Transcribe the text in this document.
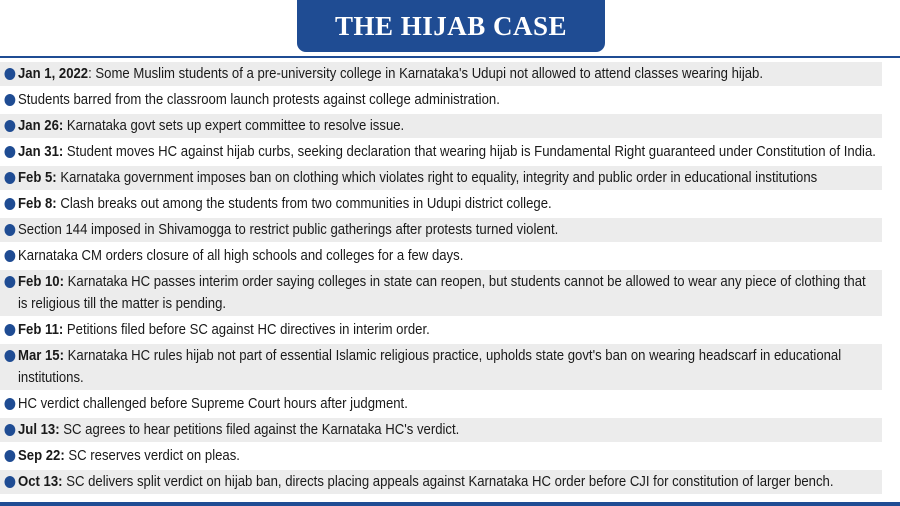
THE HIJAB CASE
Jan 1, 2022: Some Muslim students of a pre-university college in Karnataka's Udupi not allowed to attend classes wearing hijab.
Students barred from the classroom launch protests against college administration.
Jan 26: Karnataka govt sets up expert committee to resolve issue.
Jan 31: Student moves HC against hijab curbs, seeking declaration that wearing hijab is Fundamental Right guaranteed under Constitution of India.
Feb 5: Karnataka government imposes ban on clothing which violates right to equality, integrity and public order in educational institutions
Feb 8: Clash breaks out among the students from two communities in Udupi district college.
Section 144 imposed in Shivamogga to restrict public gatherings after protests turned violent.
Karnataka CM orders closure of all high schools and colleges for a few days.
Feb 10: Karnataka HC passes interim order saying colleges in state can reopen, but students cannot be allowed to wear any piece of clothing that is religious till the matter is pending.
Feb 11: Petitions filed before SC against HC directives in interim order.
Mar 15: Karnataka HC rules hijab not part of essential Islamic religious practice, upholds state govt's ban on wearing headscarf in educational institutions.
HC verdict challenged before Supreme Court hours after judgment.
Jul 13: SC agrees to hear petitions filed against the Karnataka HC's verdict.
Sep 22: SC reserves verdict on pleas.
Oct 13: SC delivers split verdict on hijab ban, directs placing appeals against Karnataka HC order before CJI for constitution of larger bench.
